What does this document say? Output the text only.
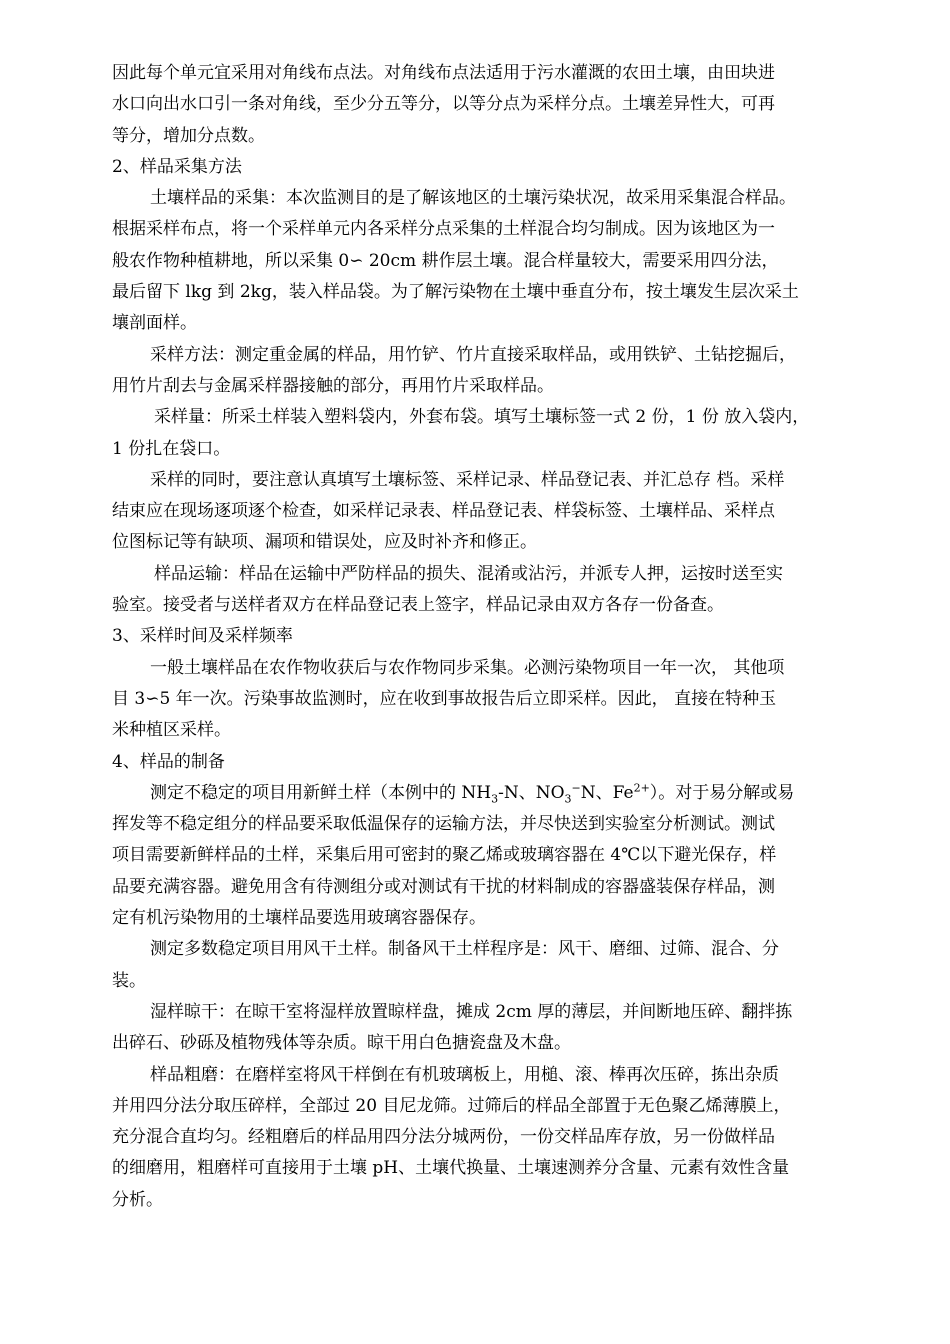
因此每个单元宜采用对角线布点法。对角线布点法适用于污水灌溉的农田土壤，由田块进
水口向出水口引一条对角线，至少分五等分，以等分点为采样分点。土壤差异性大，可再
等分，增加分点数。
2、样品采集方法
土壤样品的采集：本次监测目的是了解该地区的土壤污染状况，故采用采集混合样品。
根据采样布点，将一个采样单元内各采样分点采集的土样混合均匀制成。因为该地区为一
般农作物种植耕地，所以采集 0∽ 20cm 耕作层土壤。混合样量较大，需要采用四分法，
最后留下 lkg 到 2kg，装入样品袋。为了解污染物在土壤中垂直分布，按土壤发生层次采土
壤剖面样。
采样方法：测定重金属的样品，用竹铲、竹片直接采取样品，或用铁铲、土钻挖掘后，
用竹片刮去与金属采样器接触的部分，再用竹片采取样品。
采样量：所采土样装入塑料袋内，外套布袋。填写土壤标签一式 2 份，1 份 放入袋内，
1 份扎在袋口。
采样的同时，要注意认真填写土壤标签、采样记录、样品登记表、并汇总存 档。采样
结束应在现场逐项逐个检查，如采样记录表、样品登记表、样袋标签、土壤样品、采样点
位图标记等有缺项、漏项和错误处，应及时补齐和修正。
样品运输：样品在运输中严防样品的损失、混淆或沾污，并派专人押，运按时送至实
验室。接受者与送样者双方在样品登记表上签字，样品记录由双方各存一份备查。
3、采样时间及采样频率
一般土壤样品在农作物收获后与农作物同步采集。必测污染物项目一年一次， 其他项
目 3∽5 年一次。污染事故监测时，应在收到事故报告后立即采样。因此， 直接在特种玉
米种植区采样。
4、样品的制备
测定不稳定的项目用新鲜土样（本例中的 $NH_3-N$、$NO_3^-N$、$Fe^{2+}$）。对于易分解或易
挥发等不稳定组分的样品要采取低温保存的运输方法，并尽快送到实验室分析测试。测试
项目需要新鲜样品的土样，采集后用可密封的聚乙烯或玻璃容器在 4℃以下避光保存，样
品要充满容器。避免用含有待测组分或对测试有干扰的材料制成的容器盛装保存样品，测
定有机污染物用的土壤样品要选用玻璃容器保存。
测定多数稳定项目用风干土样。制备风干土样程序是：风干、磨细、过筛、混合、分
装。
湿样晾干：在晾干室将湿样放置晾样盘，摊成 2cm 厚的薄层，并间断地压碎、翻拌拣
出碎石、砂砾及植物残体等杂质。晾干用白色搪瓷盘及木盘。
样品粗磨：在磨样室将风干样倒在有机玻璃板上，用槌、滚、棒再次压碎，拣出杂质
并用四分法分取压碎样，全部过 20 目尼龙筛。过筛后的样品全部置于无色聚乙烯薄膜上，
充分混合直均匀。经粗磨后的样品用四分法分城两份，一份交样品库存放，另一份做样品
的细磨用，粗磨样可直接用于土壤 pH、土壤代换量、土壤速测养分含量、元素有效性含量
分析。
